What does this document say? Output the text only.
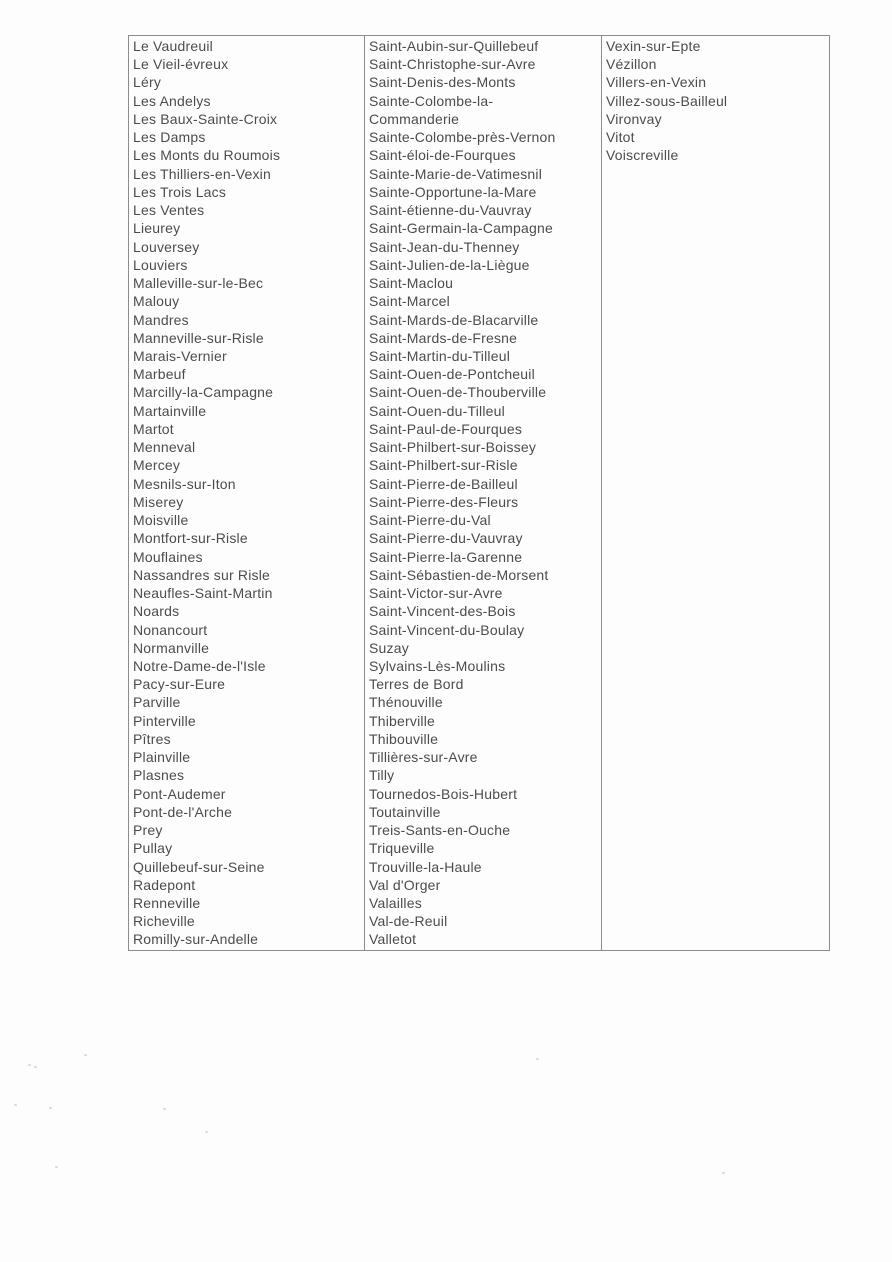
Le Vaudreuil
Le Vieil-évreux
Léry
Les Andelys
Les Baux-Sainte-Croix
Les Damps
Les Monts du Roumois
Les Thilliers-en-Vexin
Les Trois Lacs
Les Ventes
Lieurey
Louversey
Louviers
Malleville-sur-le-Bec
Malouy
Mandres
Manneville-sur-Risle
Marais-Vernier
Marbeuf
Marcilly-la-Campagne
Martainville
Martot
Menneval
Mercey
Mesnils-sur-Iton
Miserey
Moisville
Montfort-sur-Risle
Mouflaines
Nassandres sur Risle
Neaufles-Saint-Martin
Noards
Nonancourt
Normanville
Notre-Dame-de-l'Isle
Pacy-sur-Eure
Parville
Pinterville
Pîtres
Plainville
Plasnes
Pont-Audemer
Pont-de-l'Arche
Prey
Pullay
Quillebeuf-sur-Seine
Radepont
Renneville
Richeville
Romilly-sur-Andelle
Saint-Aubin-sur-Quillebeuf
Saint-Christophe-sur-Avre
Saint-Denis-des-Monts
Sainte-Colombe-la-
Commanderie
Sainte-Colombe-près-Vernon
Saint-éloi-de-Fourques
Sainte-Marie-de-Vatimesnil
Sainte-Opportune-la-Mare
Saint-étienne-du-Vauvray
Saint-Germain-la-Campagne
Saint-Jean-du-Thenney
Saint-Julien-de-la-Liègue
Saint-Maclou
Saint-Marcel
Saint-Mards-de-Blacarville
Saint-Mards-de-Fresne
Saint-Martin-du-Tilleul
Saint-Ouen-de-Pontcheuil
Saint-Ouen-de-Thouberville
Saint-Ouen-du-Tilleul
Saint-Paul-de-Fourques
Saint-Philbert-sur-Boissey
Saint-Philbert-sur-Risle
Saint-Pierre-de-Bailleul
Saint-Pierre-des-Fleurs
Saint-Pierre-du-Val
Saint-Pierre-du-Vauvray
Saint-Pierre-la-Garenne
Saint-Sébastien-de-Morsent
Saint-Victor-sur-Avre
Saint-Vincent-des-Bois
Saint-Vincent-du-Boulay
Suzay
Sylvains-Lès-Moulins
Terres de Bord
Thénouville
Thiberville
Thibouville
Tillières-sur-Avre
Tilly
Tournedos-Bois-Hubert
Toutainville
Treis-Sants-en-Ouche
Triqueville
Trouville-la-Haule
Val d'Orger
Valailles
Val-de-Reuil
Valletot
Vexin-sur-Epte
Vézillon
Villers-en-Vexin
Villez-sous-Bailleul
Vironvay
Vitot
Voiscreville
